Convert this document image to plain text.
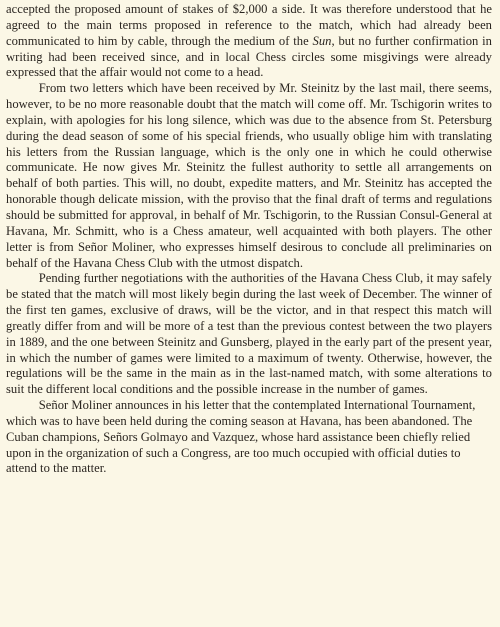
accepted the proposed amount of stakes of $2,000 a side. It was therefore understood that he agreed to the main terms proposed in reference to the match, which had already been communicated to him by cable, through the medium of the Sun, but no further confirmation in writing had been received since, and in local Chess circles some misgivings were already expressed that the affair would not come to a head.

From two letters which have been received by Mr. Steinitz by the last mail, there seems, however, to be no more reasonable doubt that the match will come off. Mr. Tschigorin writes to explain, with apologies for his long silence, which was due to the absence from St. Petersburg during the dead season of some of his special friends, who usually oblige him with translating his letters from the Russian language, which is the only one in which he could otherwise communicate. He now gives Mr. Steinitz the fullest authority to settle all arrangements on behalf of both parties. This will, no doubt, expedite matters, and Mr. Steinitz has accepted the honorable though delicate mission, with the proviso that the final draft of terms and regulations should be submitted for approval, in behalf of Mr. Tschigorin, to the Russian Consul-General at Havana, Mr. Schmitt, who is a Chess amateur, well acquainted with both players. The other letter is from Señor Moliner, who expresses himself desirous to conclude all preliminaries on behalf of the Havana Chess Club with the utmost dispatch.

Pending further negotiations with the authorities of the Havana Chess Club, it may safely be stated that the match will most likely begin during the last week of December. The winner of the first ten games, exclusive of draws, will be the victor, and in that respect this match will greatly differ from and will be more of a test than the previous contest between the two players in 1889, and the one between Steinitz and Gunsberg, played in the early part of the present year, in which the number of games were limited to a maximum of twenty. Otherwise, however, the regulations will be the same in the main as in the last-named match, with some alterations to suit the different local conditions and the possible increase in the number of games.

Señor Moliner announces in his letter that the contemplated International Tournament, which was to have been held during the coming season at Havana, has been abandoned. The Cuban champions, Señors Golmayo and Vazquez, whose hard assistance been chiefly relied upon in the organization of such a Congress, are too much occupied with official duties to attend to the matter.
